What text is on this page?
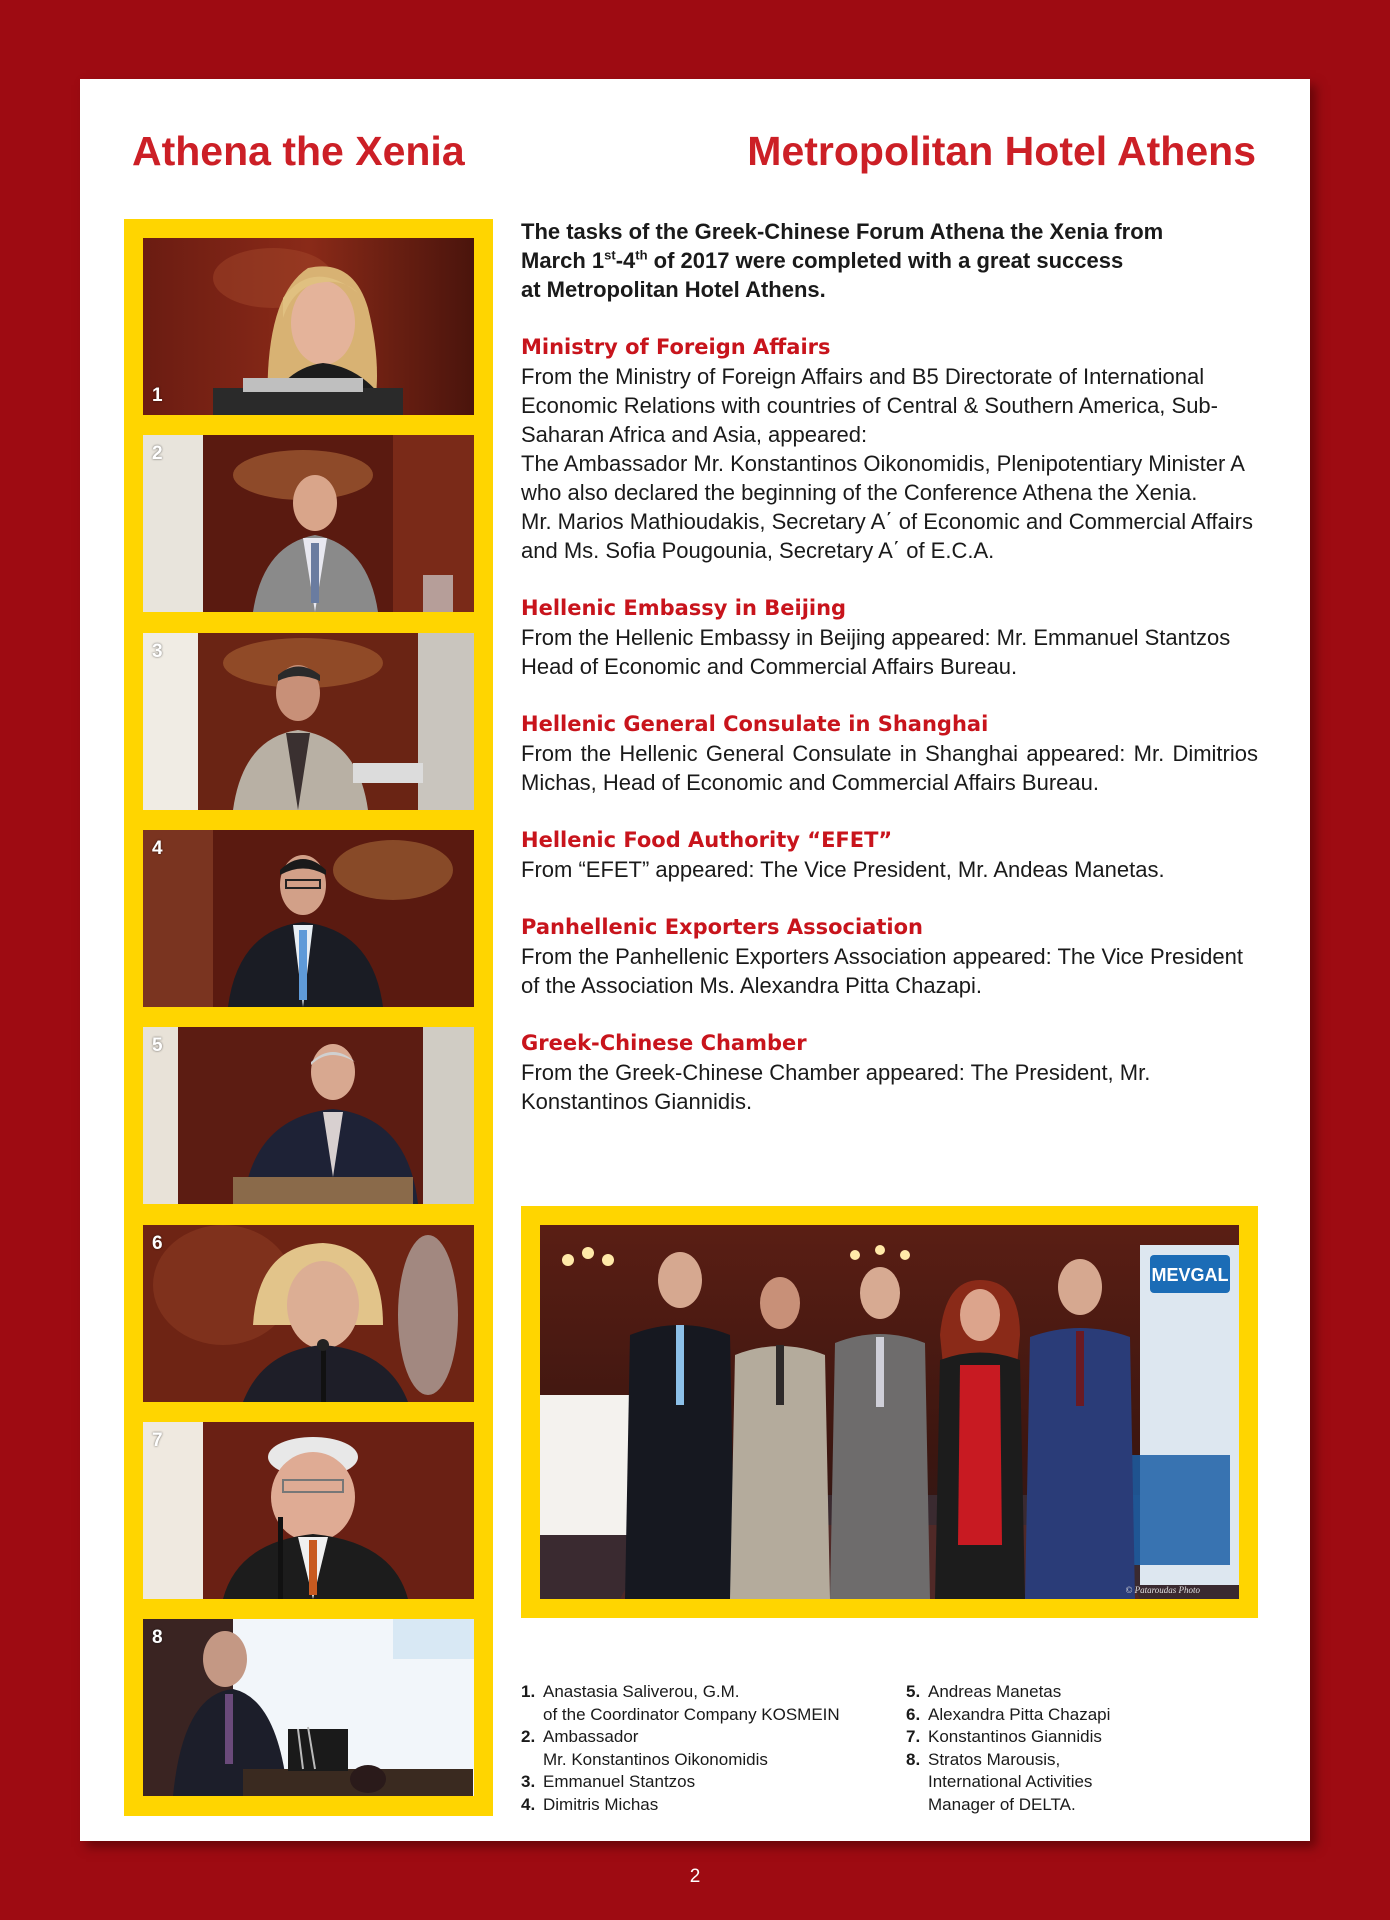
Athena the Xenia	Metropolitan Hotel Athens
1
2
3
4
5
6
7
8
The tasks of the Greek-Chinese Forum Athena the Xenia from
March 1st-4th of 2017 were completed with a great success
at Metropolitan Hotel Athens.
Ministry of Foreign Affairs
From the Ministry of Foreign Affairs and B5 Directorate of International Economic Relations with countries of Central & Southern America, Sub-Saharan Africa and Asia, appeared:
The Ambassador Mr. Konstantinos Oikonomidis, Plenipotentiary Minister A who also declared the beginning of the Conference Athena the Xenia.
Mr. Marios Mathioudakis, Secretary A΄ of Economic and Commercial Affairs and Ms. Sofia Pougounia, Secretary A΄ of E.C.A.
Hellenic Embassy in Beijing
From the Hellenic Embassy in Beijing appeared: Mr. Emmanuel Stantzos Head of Economic and Commercial Affairs Bureau.
Hellenic General Consulate in Shanghai
From the Hellenic General Consulate in Shanghai appeared: Mr. Dimitrios Michas, Head of Economic and Commercial Affairs Bureau.
Hellenic Food Authority “EFET”
From “EFET” appeared: The Vice President, Mr. Andeas Manetas.
Panhellenic Exporters Association
From the Panhellenic Exporters Association appeared: The Vice President of the Association Ms. Alexandra Pitta Chazapi.
Greek-Chinese Chamber
From the Greek-Chinese Chamber appeared: The President, Mr. Konstantinos Giannidis.
MEVGAL
© Pataroudas Photo
1. Anastasia Saliverou, G.M.
of the Coordinator Company KOSMEIN
2. Ambassador
Mr. Konstantinos Oikonomidis
3. Emmanuel Stantzos
4. Dimitris Michas
5. Andreas Manetas
6. Alexandra Pitta Chazapi
7. Konstantinos Giannidis
8. Stratos Marousis,
International Activities
Manager of DELTA.
2
